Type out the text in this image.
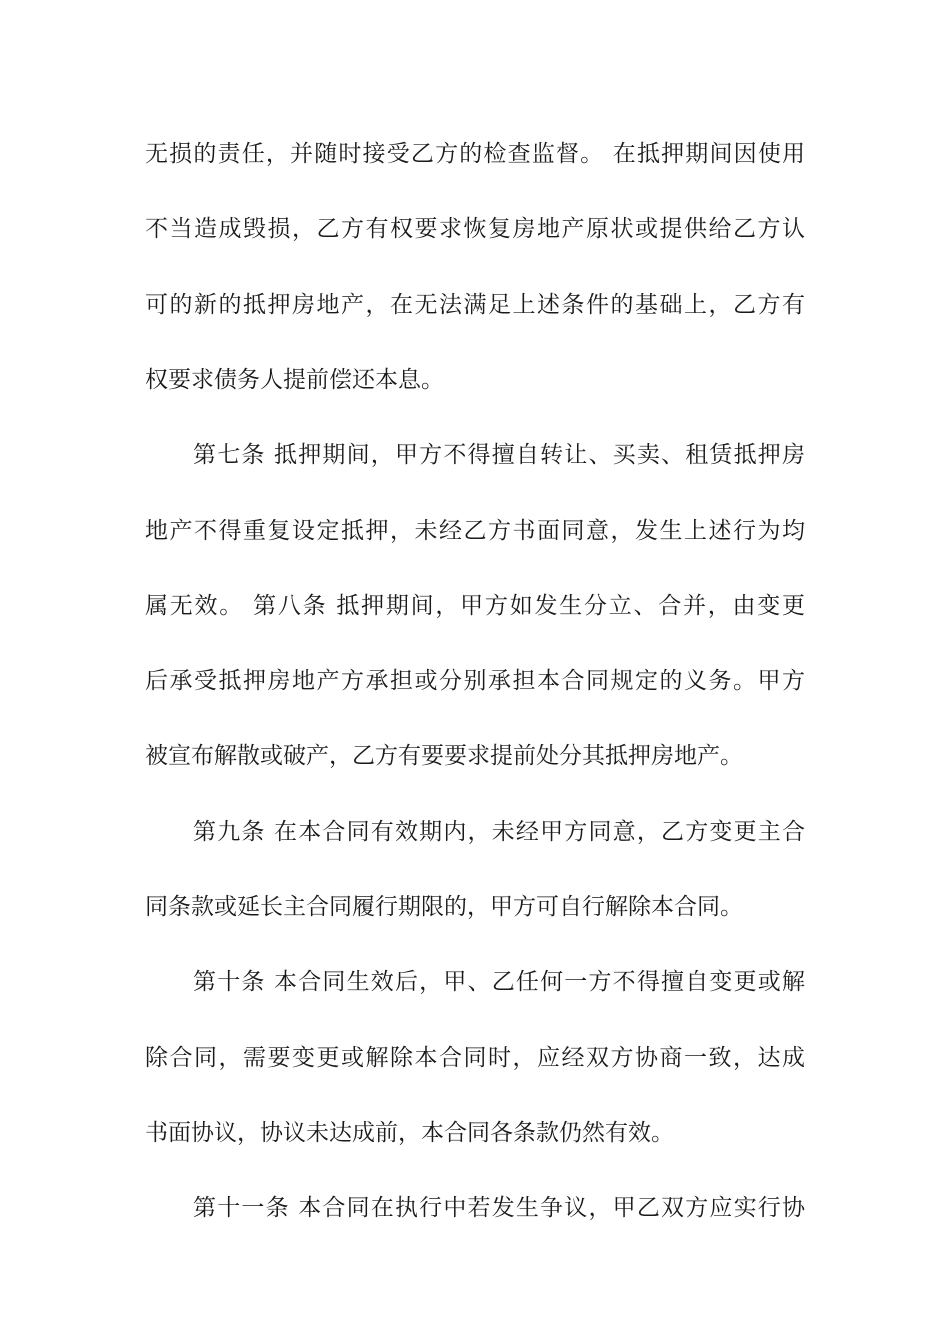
无损的责任，并随时接受乙方的检查监督。 在抵押期间因使用
不当造成毁损，乙方有权要求恢复房地产原状或提供给乙方认
可的新的抵押房地产，在无法满足上述条件的基础上，乙方有
权要求债务人提前偿还本息。
第七条 抵押期间，甲方不得擅自转让、买卖、租赁抵押房
地产不得重复设定抵押，未经乙方书面同意，发生上述行为均
属无效。 第八条 抵押期间，甲方如发生分立、合并，由变更
后承受抵押房地产方承担或分别承担本合同规定的义务。甲方
被宣布解散或破产，乙方有要要求提前处分其抵押房地产。
第九条 在本合同有效期内，未经甲方同意，乙方变更主合
同条款或延长主合同履行期限的，甲方可自行解除本合同。
第十条 本合同生效后，甲、乙任何一方不得擅自变更或解
除合同，需要变更或解除本合同时，应经双方协商一致，达成
书面协议，协议未达成前，本合同各条款仍然有效。
第十一条 本合同在执行中若发生争议，甲乙双方应实行协
